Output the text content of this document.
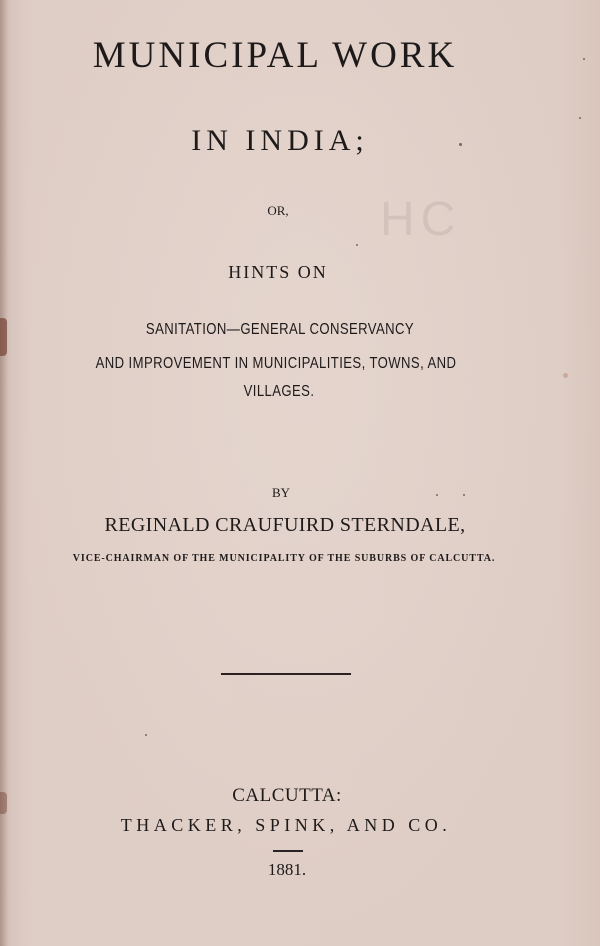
HC
MUNICIPAL WORK
IN INDIA;
OR,
HINTS ON
SANITATION—GENERAL CONSERVANCY
AND IMPROVEMENT IN MUNICIPALITIES, TOWNS, AND
VILLAGES.
BY
REGINALD CRAUFUIRD STERNDALE,
VICE-CHAIRMAN OF THE MUNICIPALITY OF THE SUBURBS OF CALCUTTA.
CALCUTTA:
THACKER, SPINK, AND CO.
1881.
